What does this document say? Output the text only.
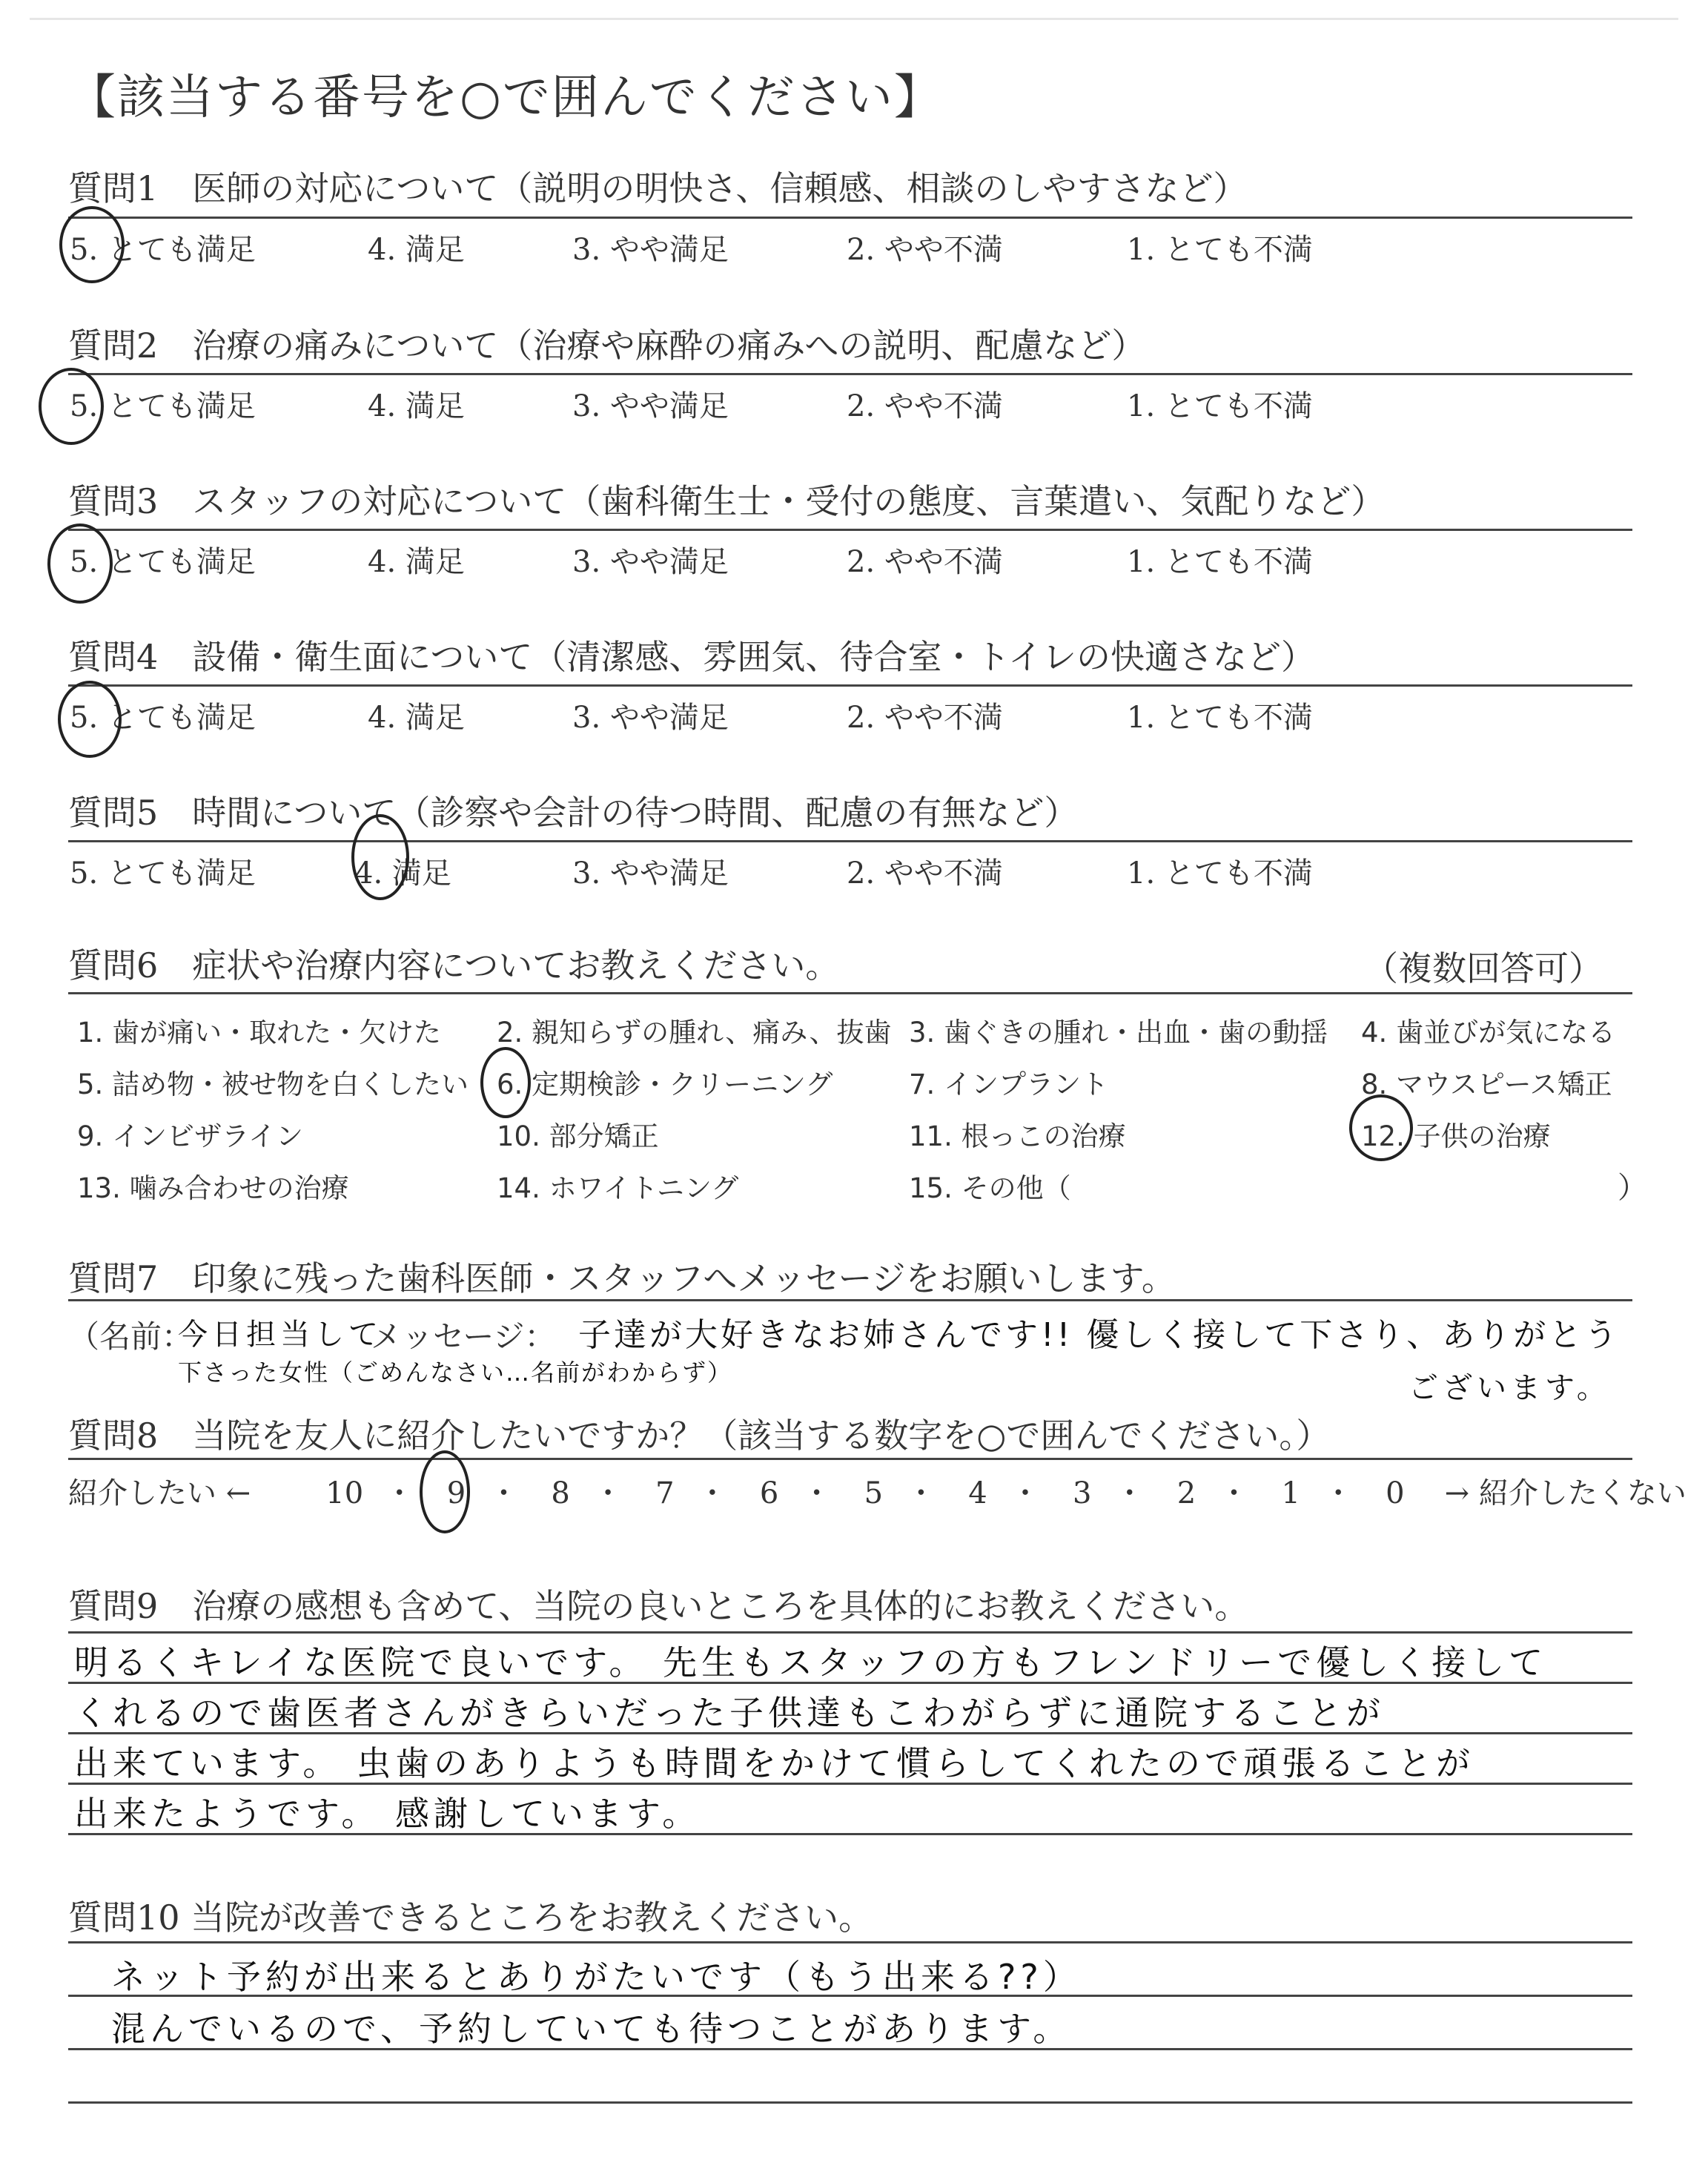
【該当する番号を○で囲んでください】
質問1　医師の対応について（説明の明快さ、信頼感、相談のしやすさなど）
5. とても満足	4. 満足	3. やや満足	2. やや不満	1. とても不満
質問2　治療の痛みについて（治療や麻酔の痛みへの説明、配慮など）
5. とても満足	4. 満足	3. やや満足	2. やや不満	1. とても不満
質問3　スタッフの対応について（歯科衛生士・受付の態度、言葉遣い、気配りなど）
5. とても満足	4. 満足	3. やや満足	2. やや不満	1. とても不満
質問4　設備・衛生面について（清潔感、雰囲気、待合室・トイレの快適さなど）
5. とても満足	4. 満足	3. やや満足	2. やや不満	1. とても不満
質問5　時間について（診察や会計の待つ時間、配慮の有無など）
5. とても満足	4. 満足	3. やや満足	2. やや不満	1. とても不満
質問6　症状や治療内容についてお教えください。	（複数回答可）
1. 歯が痛い・取れた・欠けた 2. 親知らずの腫れ、痛み、抜歯 3. 歯ぐきの腫れ・出血・歯の動揺 4. 歯並びが気になる
5. 詰め物・被せ物を白くしたい 6. 定期検診・クリーニング	7. インプラント	8. マウスピース矯正
9. インビザライン	10. 部分矯正	11. 根っこの治療	12. 子供の治療
13. 噛み合わせの治療	14. ホワイトニング	15. その他（	）
質問7　印象に残った歯科医師・スタッフへメッセージをお願いします。
（名前：
今日担当して
下さった女性（ごめんなさい…名前がわからず）
メッセージ： 子達が大好きなお姉さんです!! 優しく接して下さり、ありがとう
ございます。
質問8　当院を友人に紹介したいですか？（該当する数字を○で囲んでください。）
紹介したい ←	10 ・ 9 ・ 8 ・ 7 ・ 6 ・ 5 ・ 4 ・ 3 ・ 2 ・ 1 ・ 0 → 紹介したくない
質問9　治療の感想も含めて、当院の良いところを具体的にお教えください。
明るくキレイな医院で良いです。 先生もスタッフの方もフレンドリーで優しく接して
くれるので歯医者さんがきらいだった子供達もこわがらずに通院することが
出来ています。 虫歯のありようも時間をかけて慣らしてくれたので頑張ることが
出来たようです。 感謝しています。
質問10 当院が改善できるところをお教えください。
ネット予約が出来るとありがたいです（もう出来る??）
混んでいるので、予約していても待つことがあります。
